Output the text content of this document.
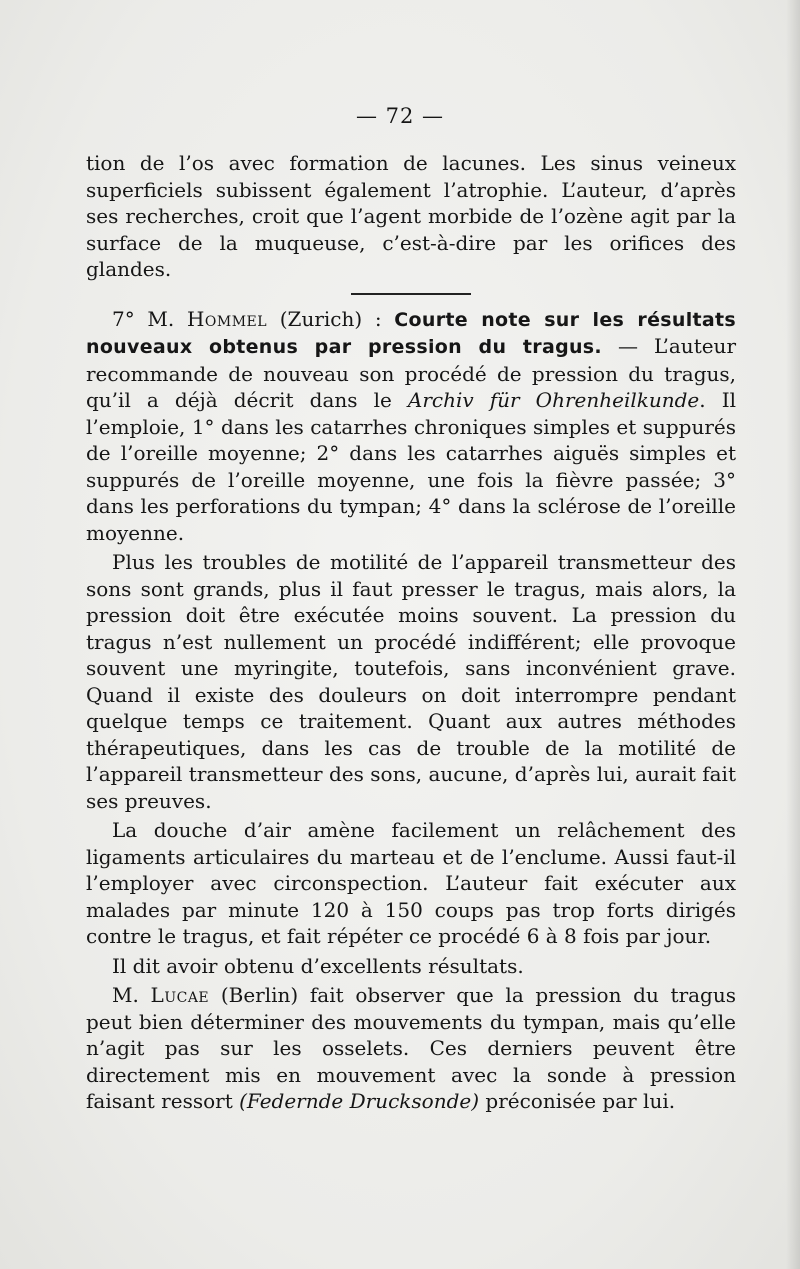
— 72 —

tion de l’os avec formation de lacunes. Les sinus veineux superficiels subissent également l’atrophie. L’auteur, d’après ses recherches, croit que l’agent morbide de l’ozène agit par la surface de la muqueuse, c’est-à-dire par les orifices des glandes.

7° M. Hommel (Zurich) : Courte note sur les résultats nouveaux obtenus par pression du tragus. — L’auteur recommande de nouveau son procédé de pression du tragus, qu’il a déjà décrit dans le Archiv für Ohrenheilkunde. Il l’emploie, 1° dans les catarrhes chroniques simples et suppurés de l’oreille moyenne; 2° dans les catarrhes aiguës simples et suppurés de l’oreille moyenne, une fois la fièvre passée; 3° dans les perforations du tympan; 4° dans la sclérose de l’oreille moyenne.

Plus les troubles de motilité de l’appareil transmetteur des sons sont grands, plus il faut presser le tragus, mais alors, la pression doit être exécutée moins souvent. La pression du tragus n’est nullement un procédé indifférent; elle provoque souvent une myringite, toutefois, sans inconvénient grave. Quand il existe des douleurs on doit interrompre pendant quelque temps ce traitement. Quant aux autres méthodes thérapeutiques, dans les cas de trouble de la motilité de l’appareil transmetteur des sons, aucune, d’après lui, aurait fait ses preuves.

La douche d’air amène facilement un relâchement des ligaments articulaires du marteau et de l’enclume. Aussi faut-il l’employer avec circonspection. L’auteur fait exécuter aux malades par minute 120 à 150 coups pas trop forts dirigés contre le tragus, et fait répéter ce procédé 6 à 8 fois par jour.

Il dit avoir obtenu d’excellents résultats.

M. Lucae (Berlin) fait observer que la pression du tragus peut bien déterminer des mouvements du tympan, mais qu’elle n’agit pas sur les osselets. Ces derniers peuvent être directement mis en mouvement avec la sonde à pression faisant ressort (Federnde Drucksonde) préconisée par lui.
